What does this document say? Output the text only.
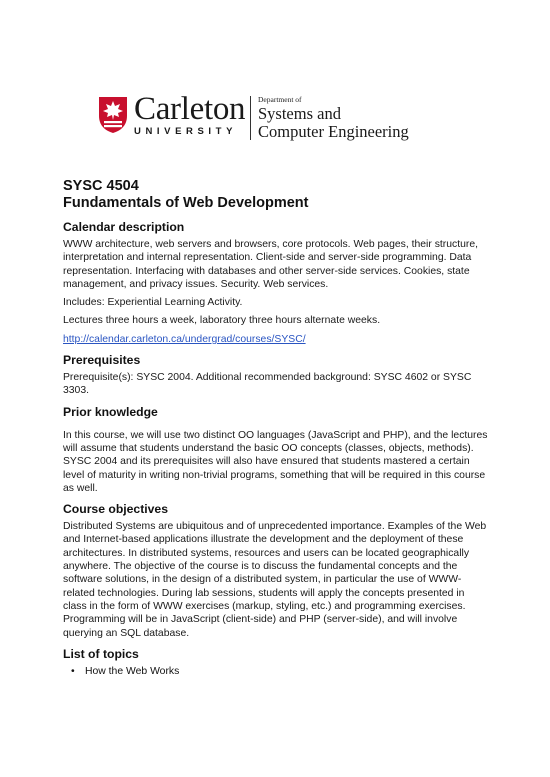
Carleton
UNIVERSITY
Department of
Systems and
Computer Engineering
SYSC 4504
Fundamentals of Web Development
Calendar description

WWW architecture, web servers and browsers, core protocols. Web pages, their structure, interpretation and internal representation. Client-side and server-side programming. Data representation. Interfacing with databases and other server-side services. Cookies, state management, and privacy issues. Security. Web services.

Includes: Experiential Learning Activity.

Lectures three hours a week, laboratory three hours alternate weeks.

http://calendar.carleton.ca/undergrad/courses/SYSC/

Prerequisites

Prerequisite(s): SYSC 2004. Additional recommended background: SYSC 4602 or SYSC 3303.

Prior knowledge

In this course, we will use two distinct OO languages (JavaScript and PHP), and the lectures will assume that students understand the basic OO concepts (classes, objects, methods). SYSC 2004 and its prerequisites will also have ensured that students mastered a certain level of maturity in writing non-trivial programs, something that will be required in this course as well.

Course objectives

Distributed Systems are ubiquitous and of unprecedented importance. Examples of the Web and Internet-based applications illustrate the development and the deployment of these architectures. In distributed systems, resources and users can be located geographically anywhere. The objective of the course is to discuss the fundamental concepts and the software solutions, in the design of a distributed system, in particular the use of WWW-related technologies. During lab sessions, students will apply the concepts presented in class in the form of WWW exercises (markup, styling, etc.) and programming exercises. Programming will be in JavaScript (client-side) and PHP (server-side), and will involve querying an SQL database.

List of topics
• How the Web Works
